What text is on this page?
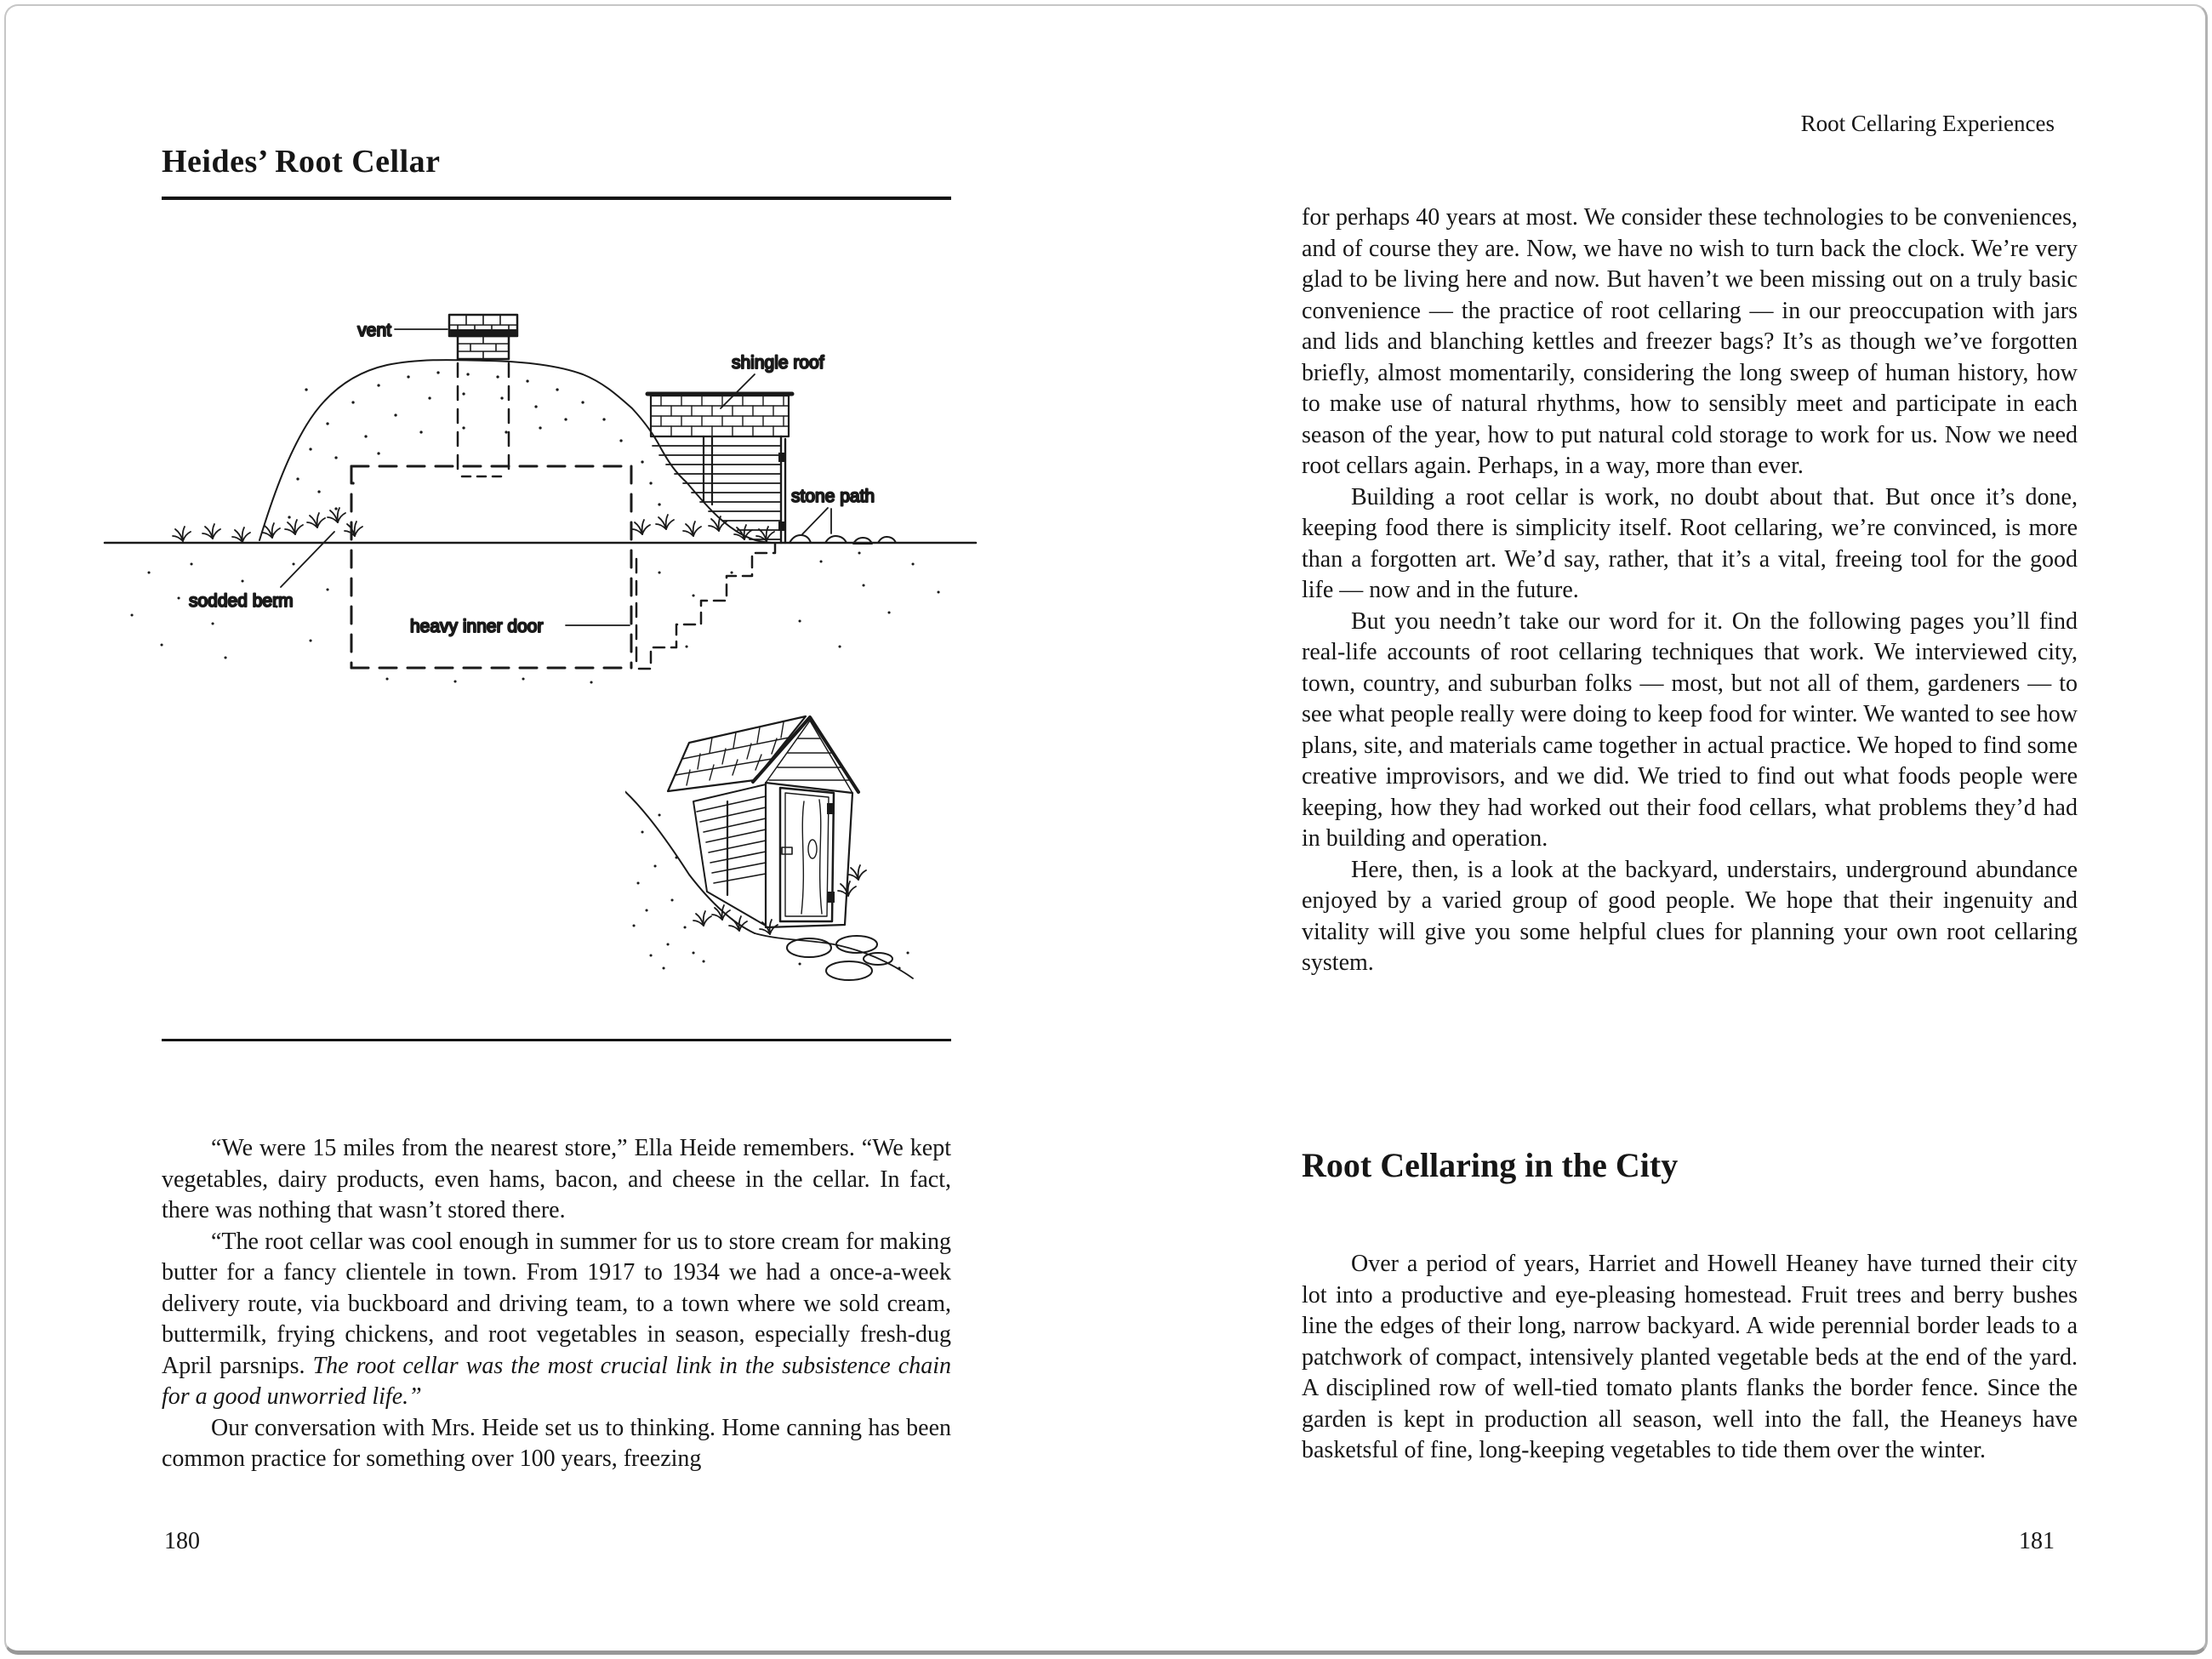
Heides’ Root Cellar
vent
shingle roof
stone path
sodded berm
heavy inner door

“We were 15 miles from the nearest store,” Ella Heide remembers. “We kept vegetables, dairy products, even hams, bacon, and cheese in the cellar. In fact, there was nothing that wasn’t stored there.

“The root cellar was cool enough in summer for us to store cream for making butter for a fancy clientele in town. From 1917 to 1934 we had a once-a-week delivery route, via buckboard and driving team, to a town where we sold cream, buttermilk, frying chickens, and root vegetables in season, especially fresh-dug April parsnips. The root cellar was the most crucial link in the subsistence chain for a good unworried life.”

Our conversation with Mrs. Heide set us to thinking. Home canning has been common practice for something over 100 years, freezing

180
Root Cellaring Experiences

for perhaps 40 years at most. We consider these technologies to be conveniences, and of course they are. Now, we have no wish to turn back the clock. We’re very glad to be living here and now. But haven’t we been missing out on a truly basic convenience — the practice of root cellaring — in our preoccupation with jars and lids and blanching kettles and freezer bags? It’s as though we’ve forgotten briefly, almost momentarily, considering the long sweep of human history, how to make use of natural rhythms, how to sensibly meet and participate in each season of the year, how to put natural cold storage to work for us. Now we need root cellars again. Perhaps, in a way, more than ever.

Building a root cellar is work, no doubt about that. But once it’s done, keeping food there is simplicity itself. Root cellaring, we’re convinced, is more than a forgotten art. We’d say, rather, that it’s a vital, freeing tool for the good life — now and in the future.

But you needn’t take our word for it. On the following pages you’ll find real-life accounts of root cellaring techniques that work. We interviewed city, town, country, and suburban folks — most, but not all of them, gardeners — to see what people really were doing to keep food for winter. We wanted to see how plans, site, and materials came together in actual practice. We hoped to find some creative improvisors, and we did. We tried to find out what foods people were keeping, how they had worked out their food cellars, what problems they’d had in building and operation.

Here, then, is a look at the backyard, understairs, underground abundance enjoyed by a varied group of good people. We hope that their ingenuity and vitality will give you some helpful clues for planning your own root cellaring system.

Root Cellaring in the City

Over a period of years, Harriet and Howell Heaney have turned their city lot into a productive and eye-pleasing homestead. Fruit trees and berry bushes line the edges of their long, narrow backyard. A wide perennial border leads to a patchwork of compact, intensively planted vegetable beds at the end of the yard. A disciplined row of well-tied tomato plants flanks the border fence. Since the garden is kept in production all season, well into the fall, the Heaneys have basketsful of fine, long-keeping vegetables to tide them over the winter.

181
